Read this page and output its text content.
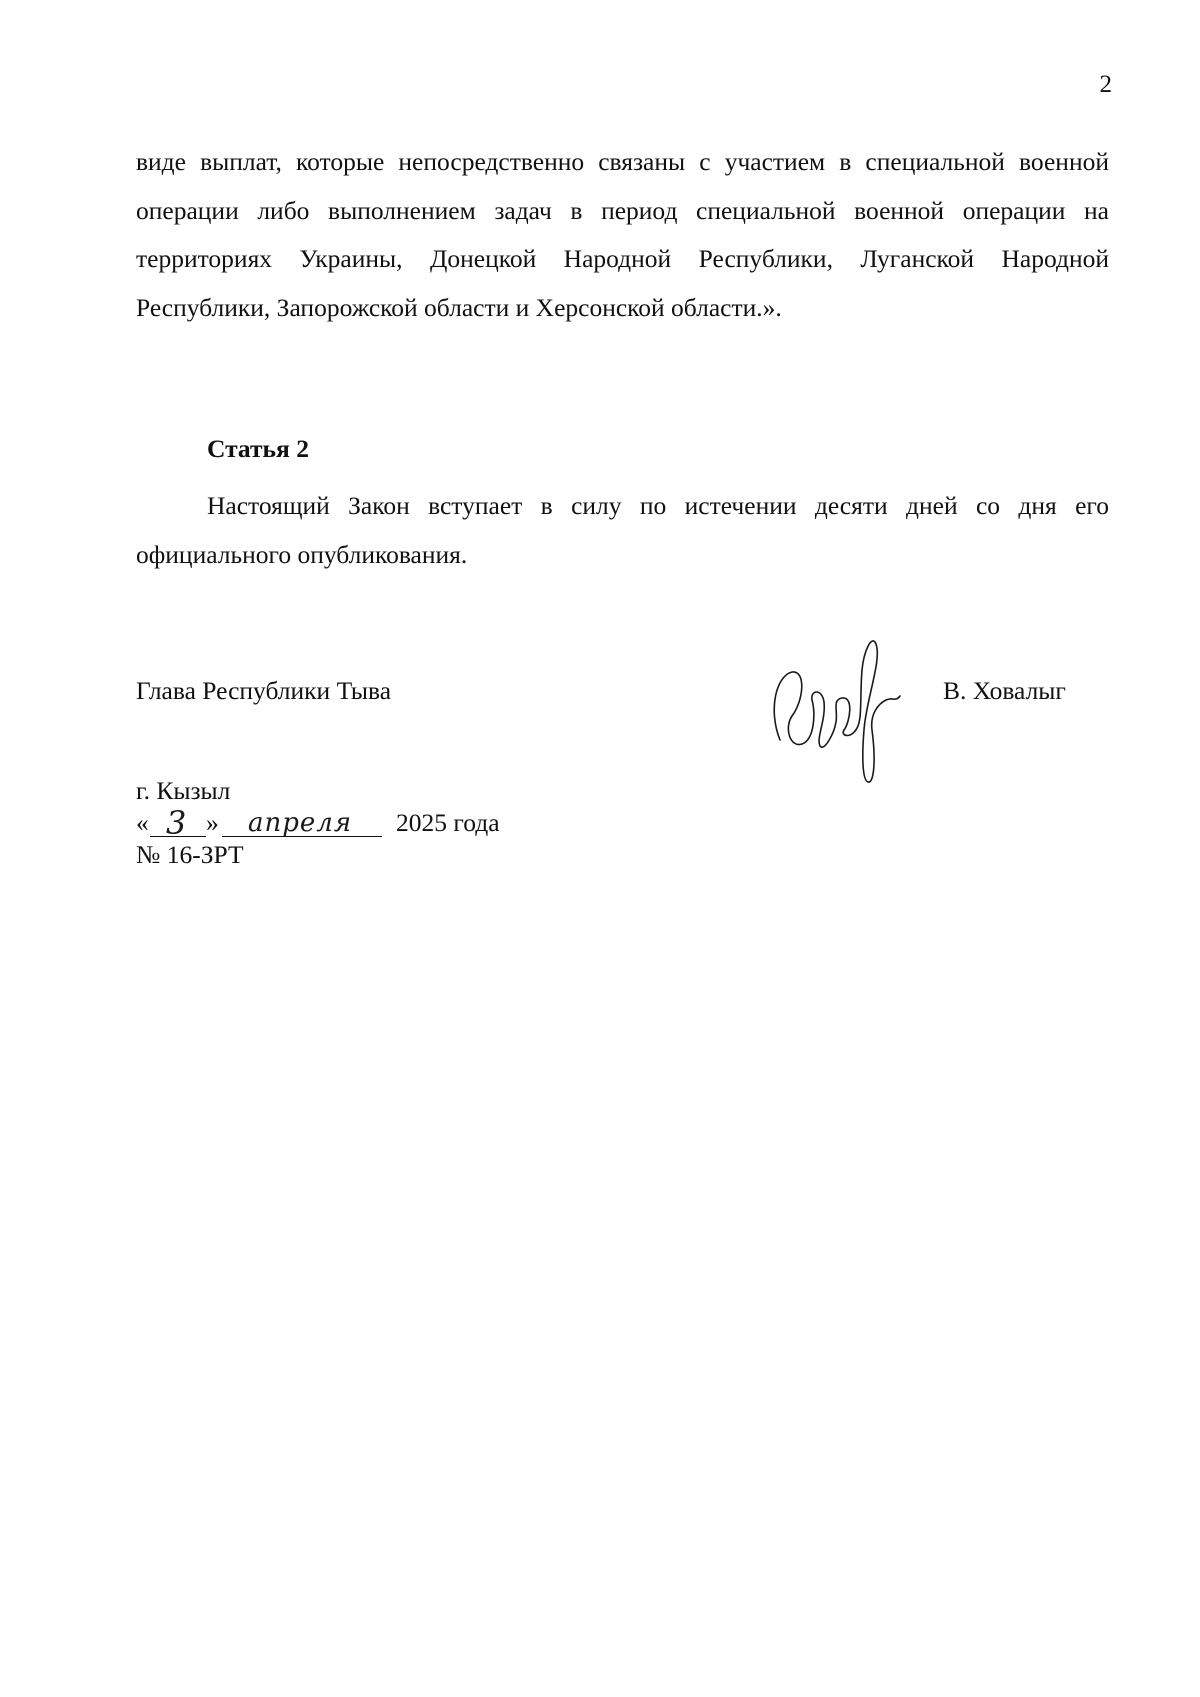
2

виде выплат, которые непосредственно связаны с участием в специальной военной операции либо выполнением задач в период специальной военной операции на территориях Украины, Донецкой Народной Республики, Луганской Народной Республики, Запорожской области и Херсонской области.».

Статья 2

Настоящий Закон вступает в силу по истечении десяти дней со дня его официального опубликования.

Глава Республики Тыва	В. Ховалыг
г. Кызыл
« 3 » апреля 2025 года
№ 16-ЗРТ
